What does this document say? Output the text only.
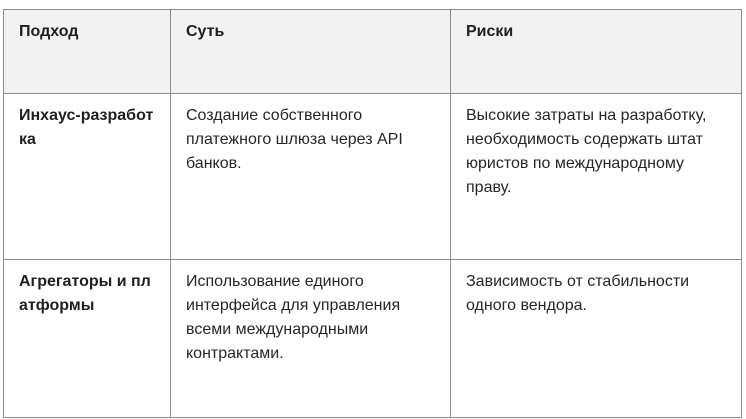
Подход	Суть	Риски
Инхаус-разработка	Создание собственного платежного шлюза через API банков.	Высокие затраты на разработку, необходимость содержать штат юристов по международному праву.
Агрегаторы и платформы	Использование единого интерфейса для управления всеми международными контрактами.	Зависимость от стабильности одного вендора.
